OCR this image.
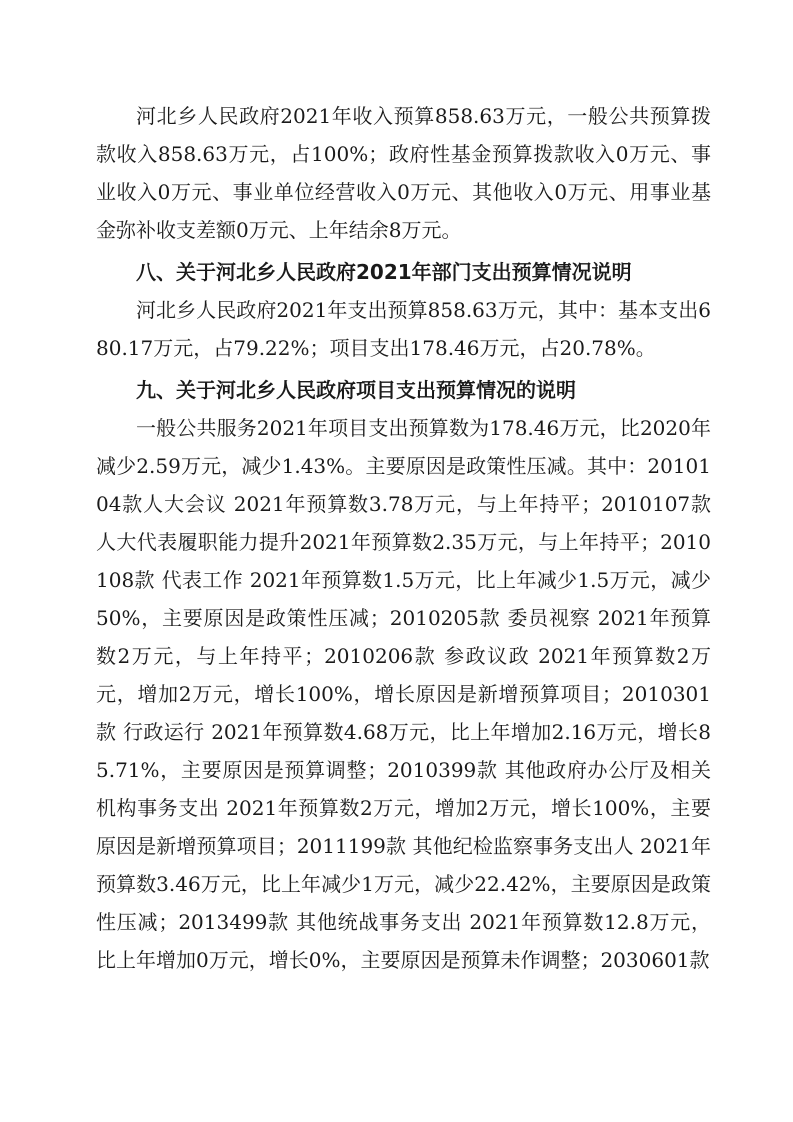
河北乡人民政府2021年收入预算858.63万元，一般公共预算拨款收入858.63万元，占100%；政府性基金预算拨款收入0万元、事业收入0万元、事业单位经营收入0万元、其他收入0万元、用事业基金弥补收支差额0万元、上年结余8万元。

八、关于河北乡人民政府2021年部门支出预算情况说明

河北乡人民政府2021年支出预算858.63万元，其中：基本支出680.17万元，占79.22%；项目支出178.46万元，占20.78%。

九、关于河北乡人民政府项目支出预算情况的说明

一般公共服务2021年项目支出预算数为178.46万元，比2020年减少2.59万元，减少1.43%。主要原因是政策性压减。其中：2010104款人大会议 2021年预算数3.78万元，与上年持平；2010107款人大代表履职能力提升2021年预算数2.35万元，与上年持平；2010108款 代表工作 2021年预算数1.5万元，比上年减少1.5万元，减少50%，主要原因是政策性压减；2010205款 委员视察 2021年预算数2万元，与上年持平；2010206款 参政议政 2021年预算数2万元，增加2万元，增长100%，增长原因是新增预算项目；2010301款 行政运行 2021年预算数4.68万元，比上年增加2.16万元，增长85.71%，主要原因是预算调整；2010399款 其他政府办公厅及相关机构事务支出 2021年预算数2万元，增加2万元，增长100%，主要原因是新增预算项目；2011199款 其他纪检监察事务支出人 2021年预算数3.46万元，比上年减少1万元，减少22.42%，主要原因是政策性压减；2013499款 其他统战事务支出 2021年预算数12.8万元，比上年增加0万元，增长0%，主要原因是预算未作调整；2030601款
